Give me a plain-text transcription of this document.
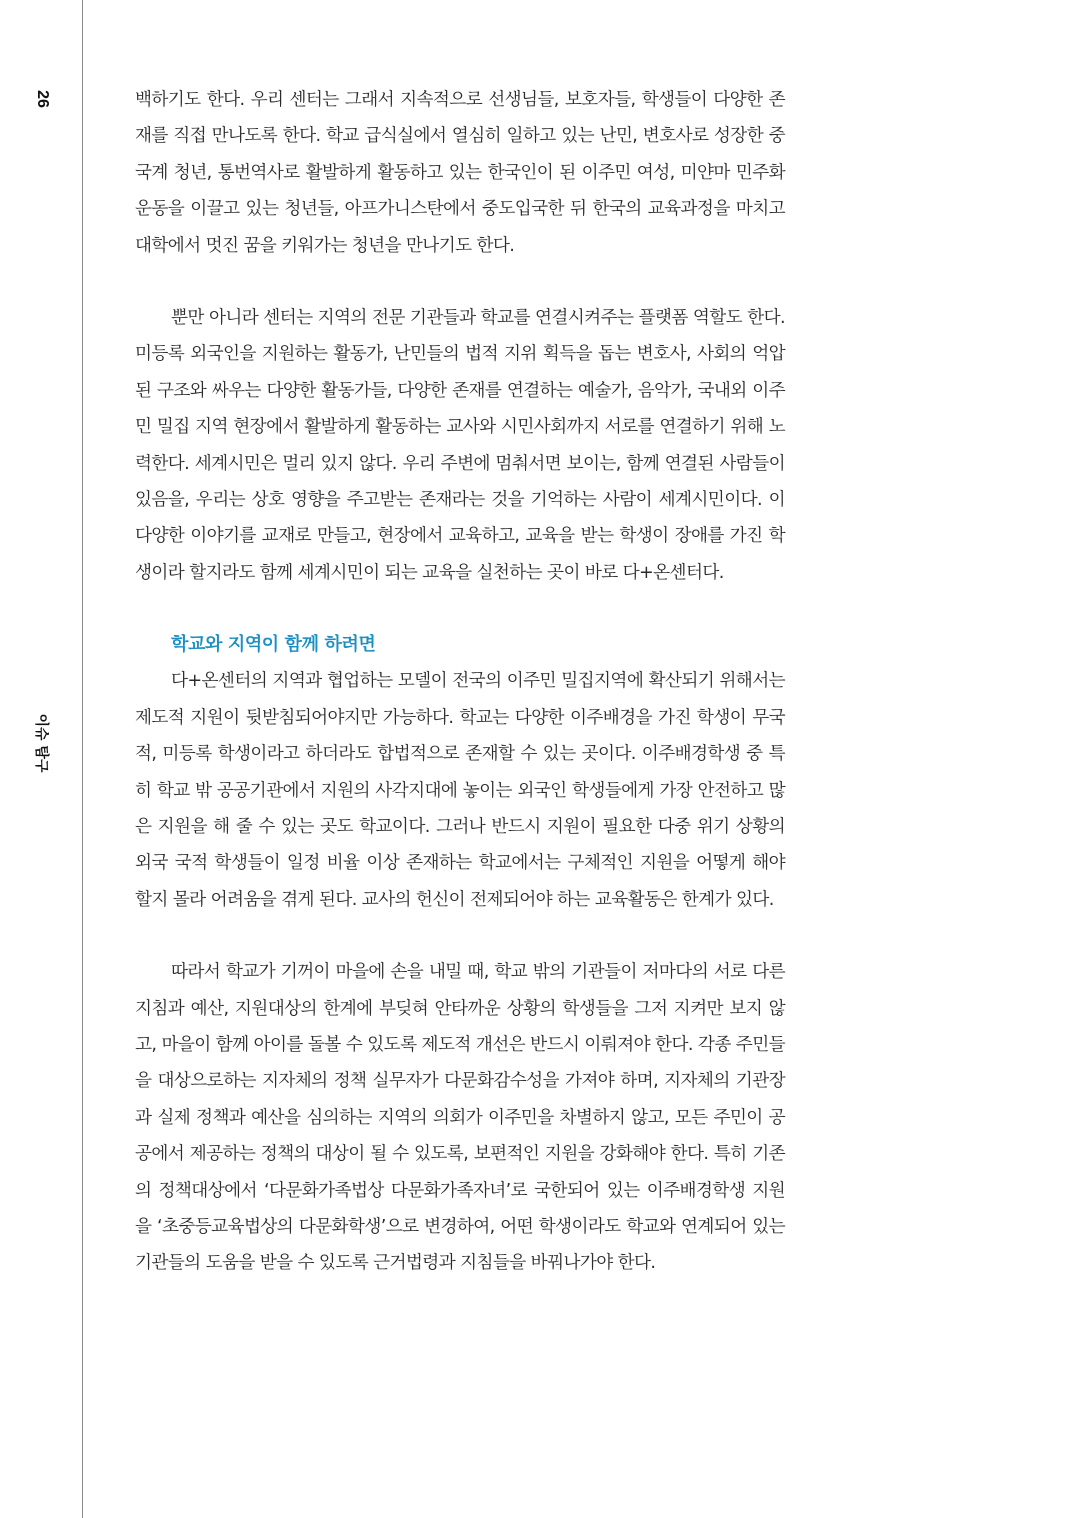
26
이슈 탐구

백하기도 한다. 우리 센터는 그래서 지속적으로 선생님들, 보호자들, 학생들이 다양한 존재를 직접 만나도록 한다. 학교 급식실에서 열심히 일하고 있는 난민, 변호사로 성장한 중국계 청년, 통번역사로 활발하게 활동하고 있는 한국인이 된 이주민 여성, 미얀마 민주화운동을 이끌고 있는 청년들, 아프가니스탄에서 중도입국한 뒤 한국의 교육과정을 마치고 대학에서 멋진 꿈을 키워가는 청년을 만나기도 한다.

뿐만 아니라 센터는 지역의 전문 기관들과 학교를 연결시켜주는 플랫폼 역할도 한다. 미등록 외국인을 지원하는 활동가, 난민들의 법적 지위 획득을 돕는 변호사, 사회의 억압된 구조와 싸우는 다양한 활동가들, 다양한 존재를 연결하는 예술가, 음악가, 국내외 이주민 밀집 지역 현장에서 활발하게 활동하는 교사와 시민사회까지 서로를 연결하기 위해 노력한다. 세계시민은 멀리 있지 않다. 우리 주변에 멈춰서면 보이는, 함께 연결된 사람들이 있음을, 우리는 상호 영향을 주고받는 존재라는 것을 기억하는 사람이 세계시민이다. 이 다양한 이야기를 교재로 만들고, 현장에서 교육하고, 교육을 받는 학생이 장애를 가진 학생이라 할지라도 함께 세계시민이 되는 교육을 실천하는 곳이 바로 다+온센터다.

학교와 지역이 함께 하려면

다+온센터의 지역과 협업하는 모델이 전국의 이주민 밀집지역에 확산되기 위해서는 제도적 지원이 뒷받침되어야지만 가능하다. 학교는 다양한 이주배경을 가진 학생이 무국적, 미등록 학생이라고 하더라도 합법적으로 존재할 수 있는 곳이다. 이주배경학생 중 특히 학교 밖 공공기관에서 지원의 사각지대에 놓이는 외국인 학생들에게 가장 안전하고 많은 지원을 해 줄 수 있는 곳도 학교이다. 그러나 반드시 지원이 필요한 다중 위기 상황의 외국 국적 학생들이 일정 비율 이상 존재하는 학교에서는 구체적인 지원을 어떻게 해야 할지 몰라 어려움을 겪게 된다. 교사의 헌신이 전제되어야 하는 교육활동은 한계가 있다.

따라서 학교가 기꺼이 마을에 손을 내밀 때, 학교 밖의 기관들이 저마다의 서로 다른 지침과 예산, 지원대상의 한계에 부딪혀 안타까운 상황의 학생들을 그저 지켜만 보지 않고, 마을이 함께 아이를 돌볼 수 있도록 제도적 개선은 반드시 이뤄져야 한다. 각종 주민들을 대상으로하는 지자체의 정책 실무자가 다문화감수성을 가져야 하며, 지자체의 기관장과 실제 정책과 예산을 심의하는 지역의 의회가 이주민을 차별하지 않고, 모든 주민이 공공에서 제공하는 정책의 대상이 될 수 있도록, 보편적인 지원을 강화해야 한다. 특히 기존의 정책대상에서 ‘다문화가족법상 다문화가족자녀’로 국한되어 있는 이주배경학생 지원을 ‘초중등교육법상의 다문화학생’으로 변경하여, 어떤 학생이라도 학교와 연계되어 있는 기관들의 도움을 받을 수 있도록 근거법령과 지침들을 바꿔나가야 한다.
